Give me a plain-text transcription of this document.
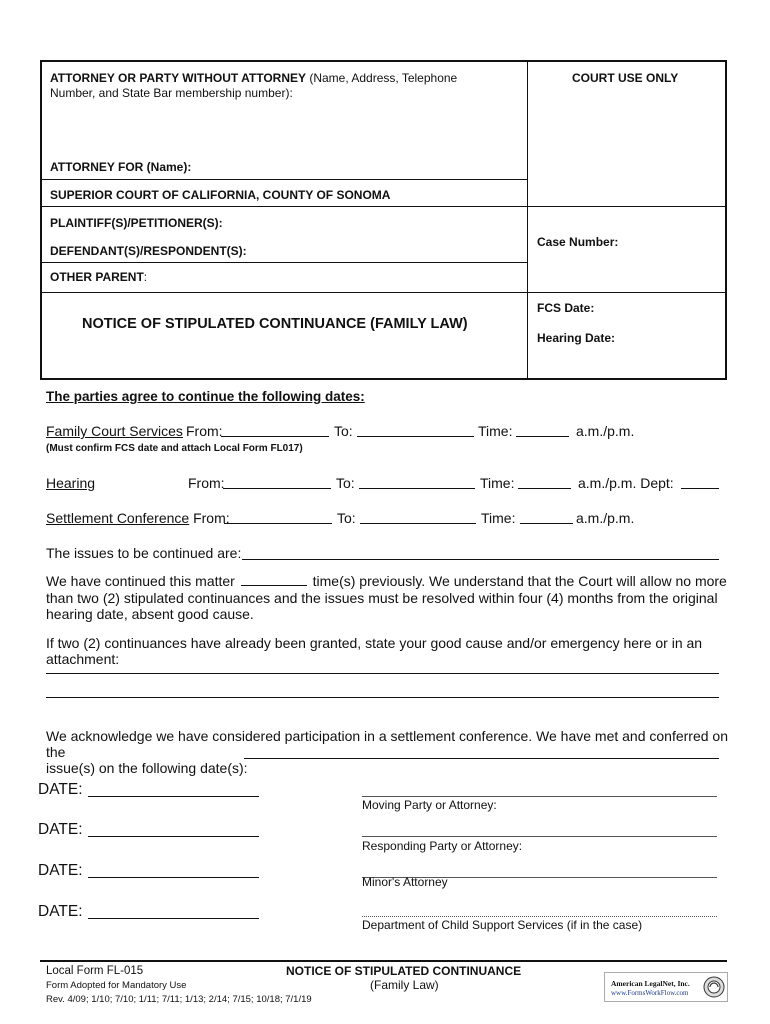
ATTORNEY OR PARTY WITHOUT ATTORNEY (Name, Address, Telephone
Number, and State Bar membership number):
COURT USE ONLY
ATTORNEY FOR (Name):
SUPERIOR COURT OF CALIFORNIA, COUNTY OF SONOMA
PLAINTIFF(S)/PETITIONER(S):
DEFENDANT(S)/RESPONDENT(S):
Case Number:
OTHER PARENT:
NOTICE OF STIPULATED CONTINUANCE (FAMILY LAW)
FCS Date:
Hearing Date:
The parties agree to continue the following dates:
Family Court Services From:	To:	Time:	a.m./p.m.
(Must confirm FCS date and attach Local Form FL017)
Hearing	From:	To:	Time:	a.m./p.m. Dept:
Settlement Conference From:	To:	Time:	a.m./p.m.
The issues to be continued are:
We have continued this matter	time(s) previously. We understand that the Court will allow no more
than two (2) stipulated continuances and the issues must be resolved within four (4) months from the original
hearing date, absent good cause.
If two (2) continuances have already been granted, state your good cause and/or emergency here or in an
attachment:
We acknowledge we have considered participation in a settlement conference. We have met and conferred on the
issue(s) on the following date(s):
DATE:
Moving Party or Attorney:
DATE:
Responding Party or Attorney:
DATE:
Minor's Attorney
DATE:
Department of Child Support Services (if in the case)
Local Form FL-015
Form Adopted for Mandatory Use
Rev. 4/09; 1/10; 7/10; 1/11; 7/11; 1/13; 2/14; 7/15; 10/18; 7/1/19
NOTICE OF STIPULATED CONTINUANCE
(Family Law)	American LegalNet, Inc.
www.FormsWorkFlow.com
